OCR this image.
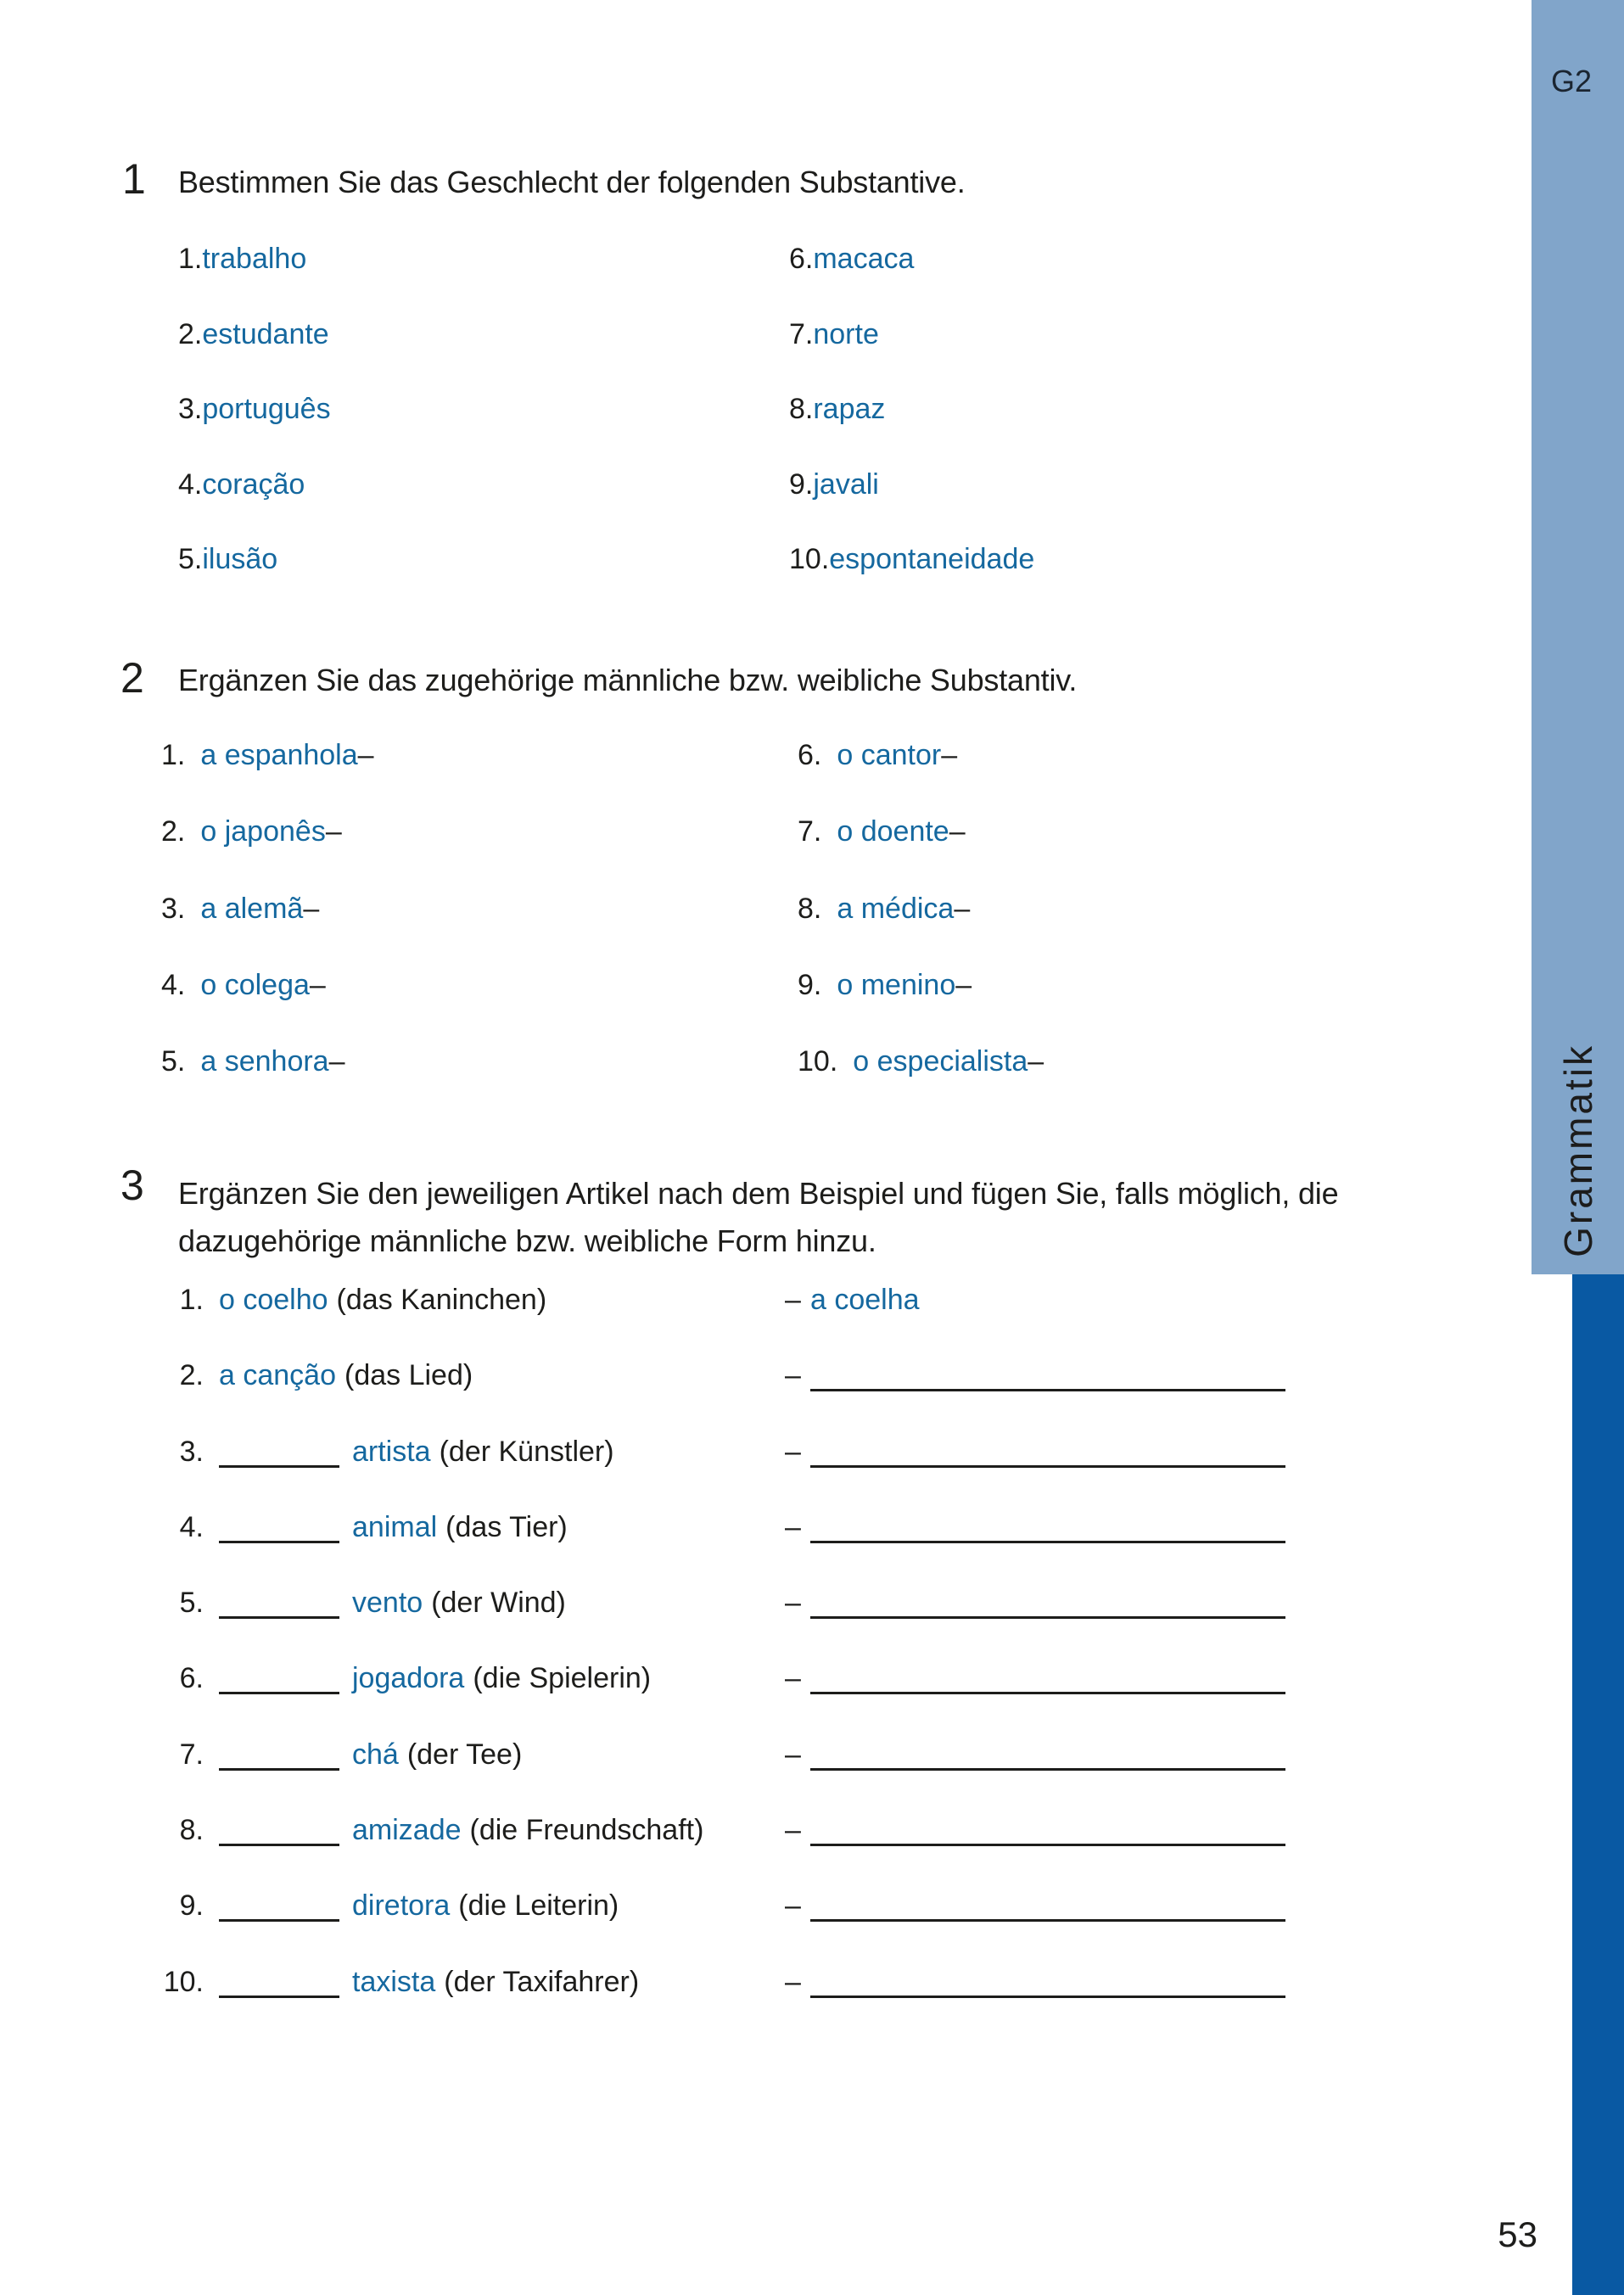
G2
Grammatik
53
1 Bestimmen Sie das Geschlecht der folgenden Substantive.
1. trabalho
2. estudante
3. português
4. coração
5. ilusão
6. macaca
7. norte
8. rapaz
9. javali
10. espontaneidade
2 Ergänzen Sie das zugehörige männliche bzw. weibliche Substantiv.
1. a espanhola –
2. o japonês –
3. a alemã –
4. o colega –
5. a senhora –
6. o cantor –
7. o doente –
8. a médica –
9. o menino –
10. o especialista –
3 Ergänzen Sie den jeweiligen Artikel nach dem Beispiel und fügen Sie, falls möglich, die
dazugehörige männliche bzw. weibliche Form hinzu.
1. o coelho (das Kaninchen)	– a coelha
2. a canção (das Lied)	–
3.	artista (der Künstler)	–
4.	animal (das Tier)	–
5.	vento (der Wind)	–
6.	jogadora (die Spielerin)	–
7.	chá (der Tee)	–
8.	amizade (die Freundschaft)	–
9.	diretora (die Leiterin)	–
10.	taxista (der Taxifahrer)	–
